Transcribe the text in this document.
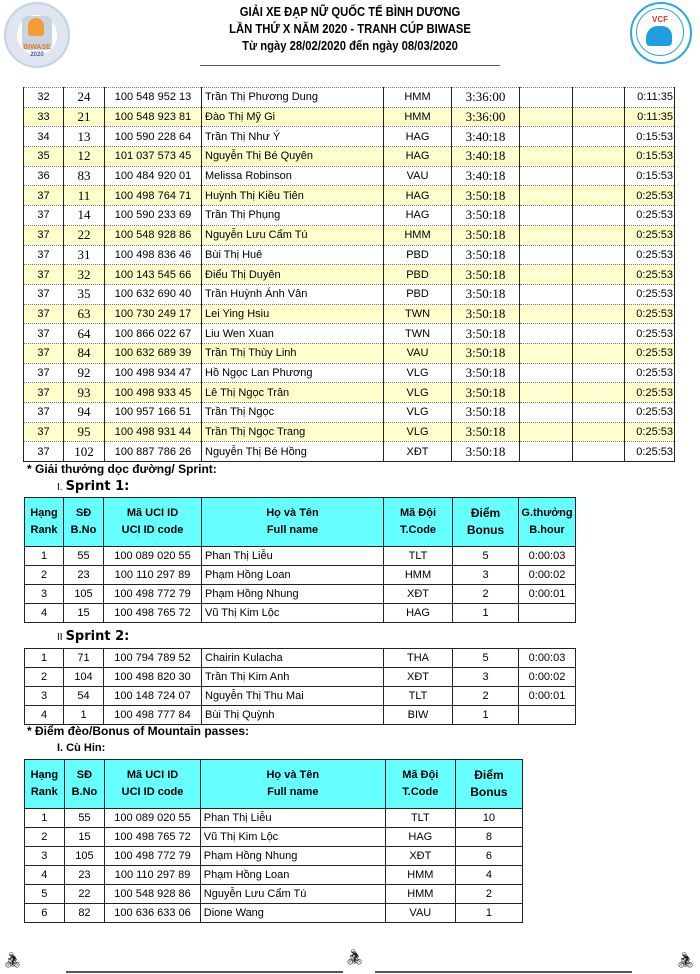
BIWASE
2020
GIẢI XE ĐẠP NỮ QUỐC TẾ BÌNH DƯƠNG
LẦN THỨ X NĂM 2020 - TRANH CÚP BIWASE
Từ ngày 28/02/2020 đến ngày 08/03/2020
VCF
32	24	100 548 952 13	Trần Thị Phương Dung	HMM	3:36:00			0:11:35
33	21	100 548 923 81	Đào Thị Mỹ Gi	HMM	3:36:00	0:00:00	0:00:00	0:11:35
34	13	100 590 228 64	Trần Thị Như Ý	HAG	3:40:18			0:15:53
35	12	101 037 573 45	Nguyễn Thị Bé Quyên	HAG	3:40:18	0:00:00	0:00:00	0:15:53
36	83	100 484 920 01	Melissa Robinson	VAU	3:40:18			0:15:53
37	11	100 498 764 71	Huỳnh Thị Kiều Tiên	HAG	3:50:18	0:00:00	0:00:00	0:25:53
37	14	100 590 233 69	Trần Thị Phụng	HAG	3:50:18			0:25:53
37	22	100 548 928 86	Nguyễn Lưu Cẩm Tú	HMM	3:50:18	0:00:00	0:00:00	0:25:53
37	31	100 498 836 46	Bùi Thị Huê	PBD	3:50:18			0:25:53
37	32	100 143 545 66	Điểu Thị Duyên	PBD	3:50:18	0:00:00	0:00:00	0:25:53
37	35	100 632 690 40	Trần Huỳnh Ánh Vân	PBD	3:50:18			0:25:53
37	63	100 730 249 17	Lei Ying Hsiu	TWN	3:50:18	0:00:00	0:00:00	0:25:53
37	64	100 866 022 67	Liu Wen Xuan	TWN	3:50:18			0:25:53
37	84	100 632 689 39	Trần Thị Thùy Linh	VAU	3:50:18	0:00:00	0:00:00	0:25:53
37	92	100 498 934 47	Hồ Ngọc Lan Phương	VLG	3:50:18			0:25:53
37	93	100 498 933 45	Lê Thị Ngọc Trân	VLG	3:50:18	0:00:00	0:00:00	0:25:53
37	94	100 957 166 51	Trần Thị Ngọc	VLG	3:50:18			0:25:53
37	95	100 498 931 44	Trần Thị Ngọc Trang	VLG	3:50:18	0:00:00	0:00:00	0:25:53
37	102	100 887 786 26	Nguyễn Thị Bé Hồng	XĐT	3:50:18			0:25:53
* Giải thưởng dọc đường/ Sprint:
I. Sprint 1:
Hạng
Rank	SĐ
B.No	Mã UCI ID
UCI ID code	Họ và Tên
Full name	Mã Đội
T.Code	Điểm
Bonus	G.thưởng
B.hour
1	55	100 089 020 55	Phan Thị Liễu	TLT	5	0:00:03
2	23	100 110 297 89	Phạm Hồng Loan	HMM	3	0:00:02
3	105	100 498 772 79	Phạm Hồng Nhung	XĐT	2	0:00:01
4	15	100 498 765 72	Vũ Thị Kim Lộc	HAG	1	
II Sprint 2:
1	71	100 794 789 52	Chairin Kulacha	THA	5	0:00:03
2	104	100 498 820 30	Trần Thị Kim Anh	XĐT	3	0:00:02
3	54	100 148 724 07	Nguyễn Thị Thu Mai	TLT	2	0:00:01
4	1	100 498 777 84	Bùi Thị Quỳnh	BIW	1	
* Điểm đèo/Bonus of Mountain passes:
I. Cù Hin:
Hạng
Rank	SĐ
B.No	Mã UCI ID
UCI ID code	Họ và Tên
Full name	Mã Đội
T.Code	Điểm
Bonus
1	55	100 089 020 55	Phan Thị Liễu	TLT	10
2	15	100 498 765 72	Vũ Thị Kim Lộc	HAG	8
3	105	100 498 772 79	Phạm Hồng Nhung	XĐT	6
4	23	100 110 297 89	Phạm Hồng Loan	HMM	4
5	22	100 548 928 86	Nguyễn Lưu Cẩm Tú	HMM	2
6	82	100 636 633 06	Dione Wang	VAU	1
🚴︎	🚴︎	🚴︎
